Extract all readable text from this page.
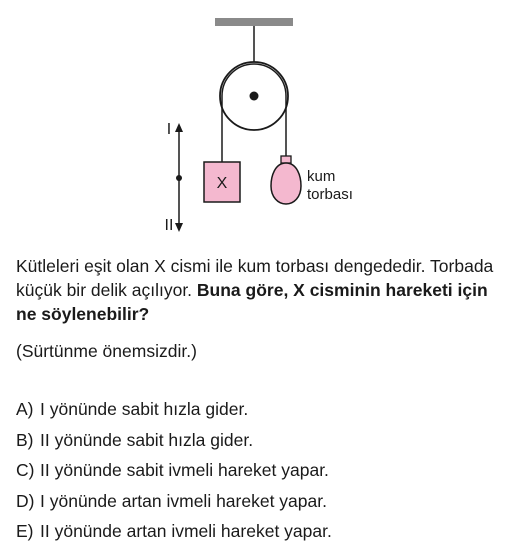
X	kum
torbası
I
II

Kütleleri eşit olan X cismi ile kum torbası dengededir. Torbada küçük bir delik açılıyor. Buna göre, X cisminin hareketi için ne söylenebilir?

(Sürtünme önemsizdir.)
A) I yönünde sabit hızla gider.
B) II yönünde sabit hızla gider.
C) II yönünde sabit ivmeli hareket yapar.
D) I yönünde artan ivmeli hareket yapar.
E) II yönünde artan ivmeli hareket yapar.
